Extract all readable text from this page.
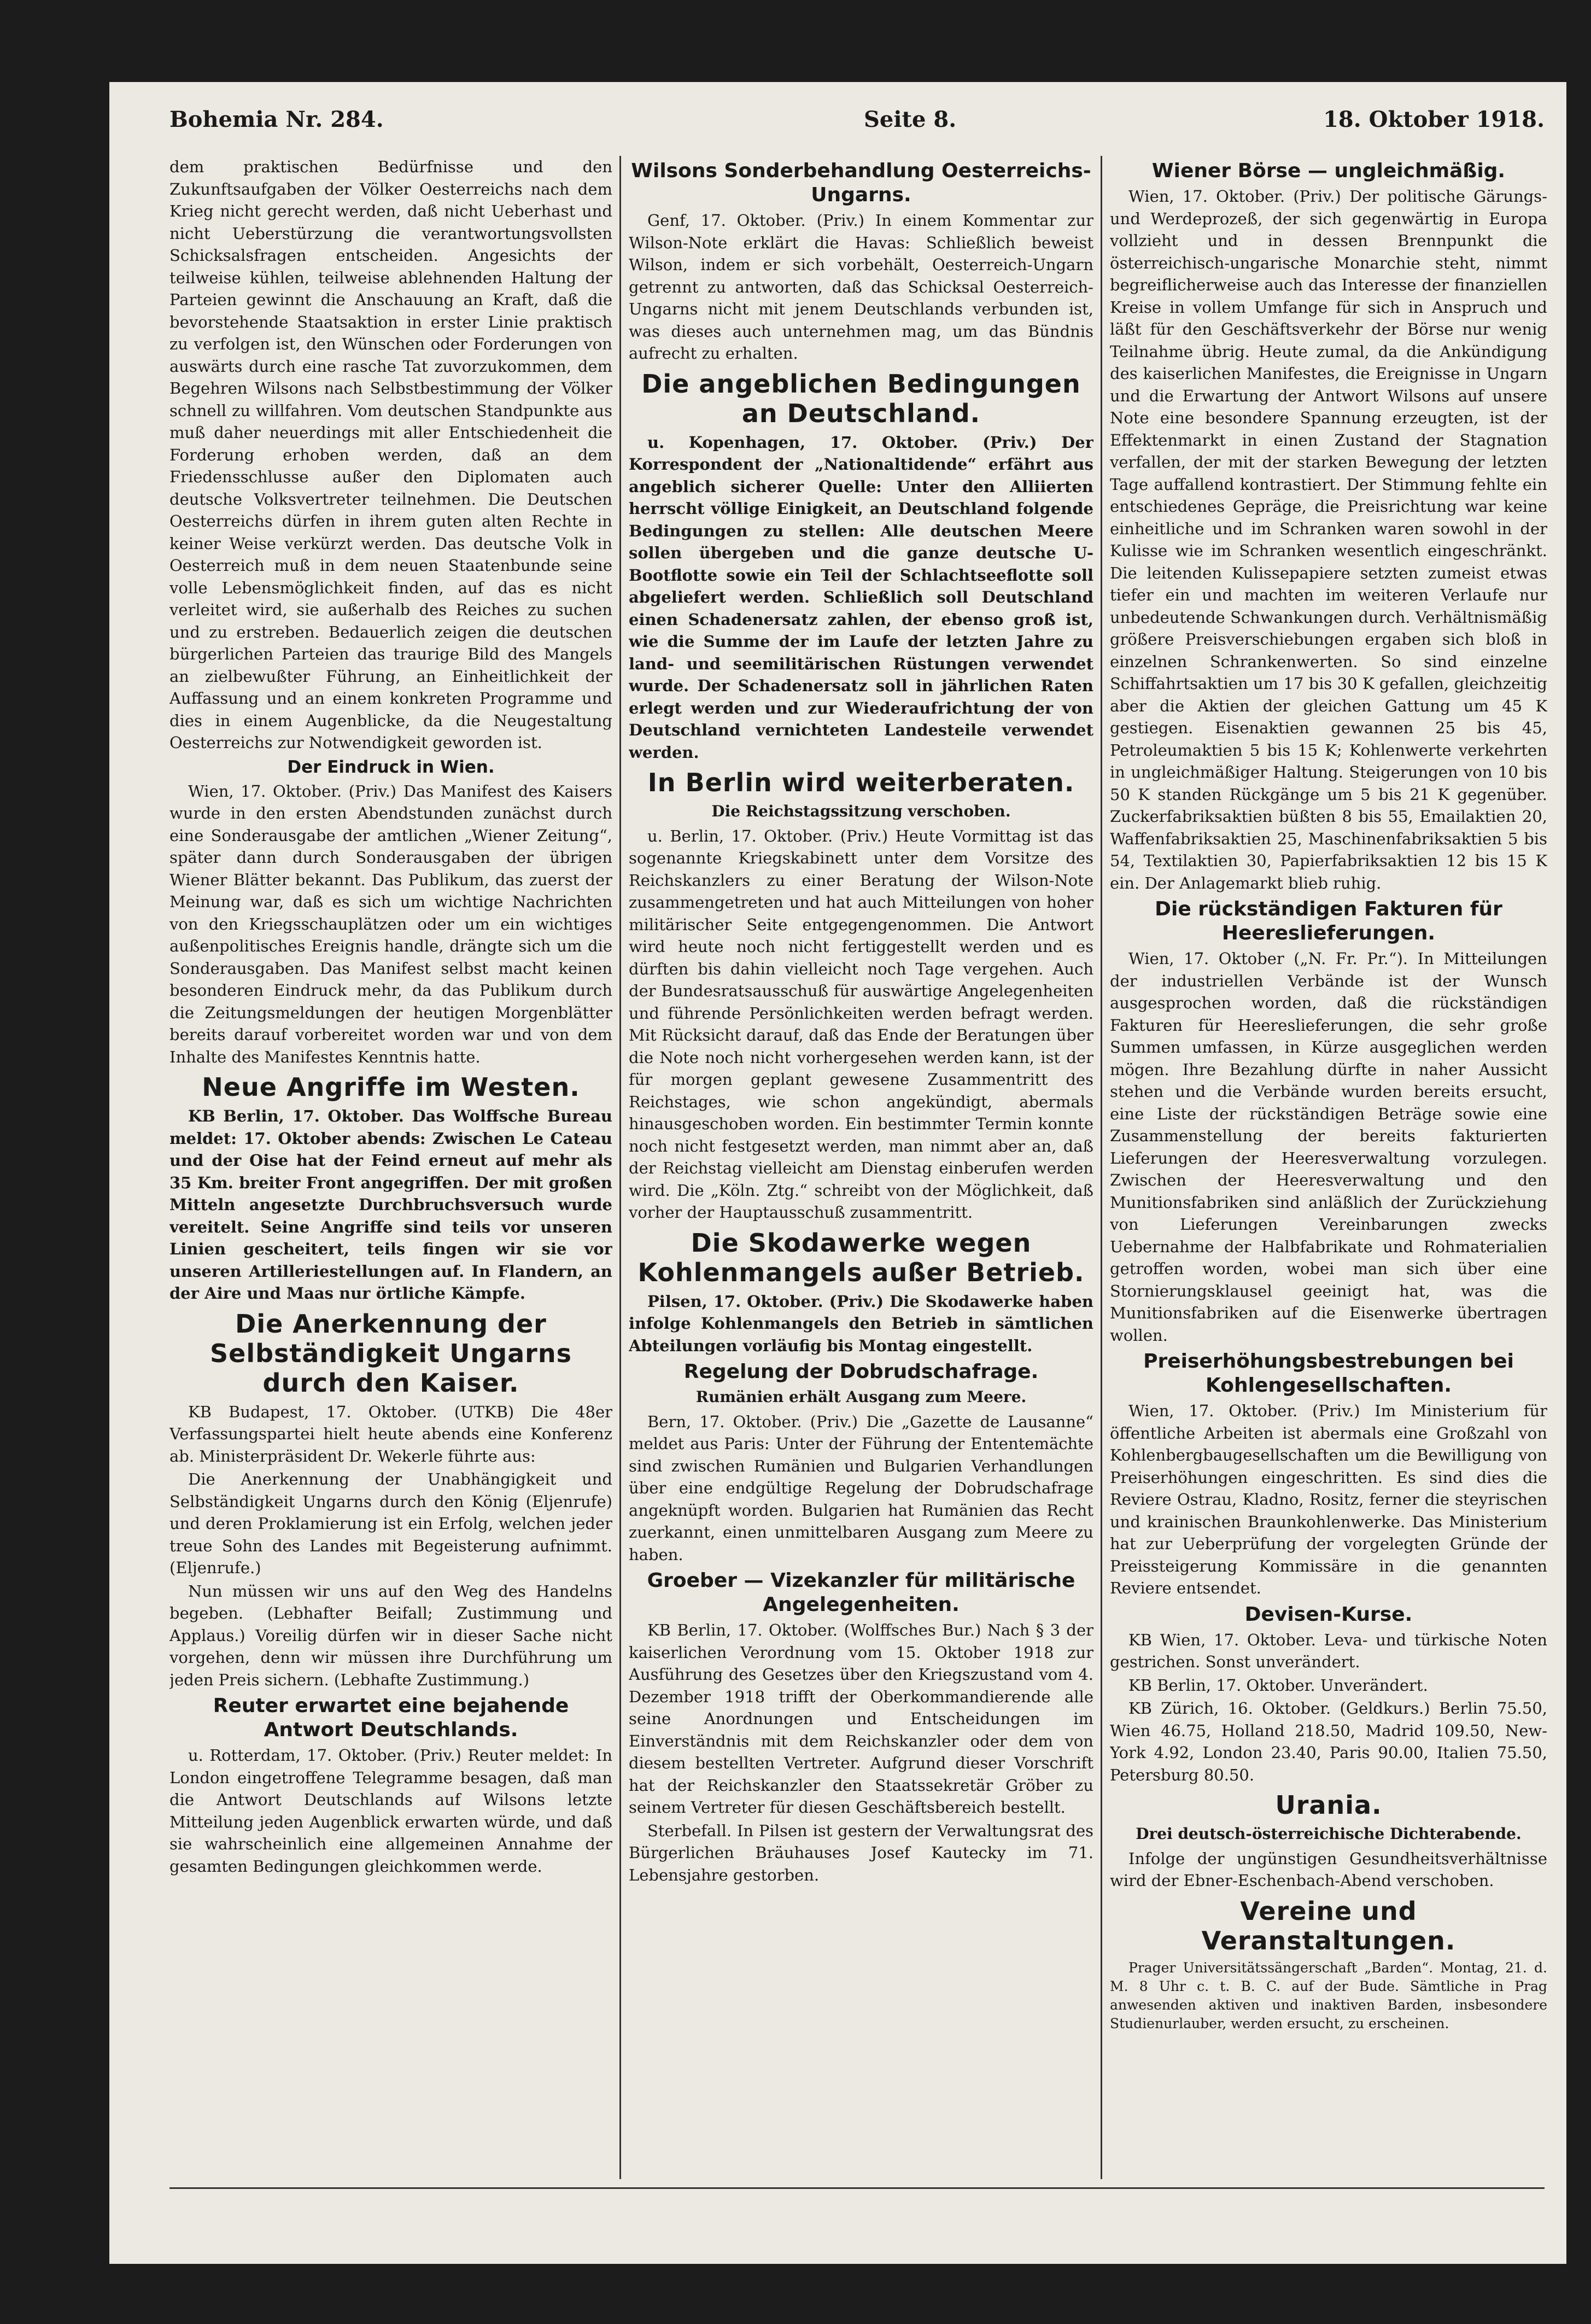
Bohemia Nr. 284.	Seite 8.	18. Oktober 1918.

dem praktischen Bedürfnisse und den Zukunftsaufgaben der Völker Oesterreichs nach dem Krieg nicht gerecht werden, daß nicht Ueberhast und nicht Ueberstürzung die verantwortungsvollsten Schicksalsfragen entscheiden. Angesichts der teilweise kühlen, teilweise ablehnenden Haltung der Parteien gewinnt die Anschauung an Kraft, daß die bevorstehende Staatsaktion in erster Linie praktisch zu verfolgen ist, den Wünschen oder Forderungen von auswärts durch eine rasche Tat zuvorzukommen, dem Begehren Wilsons nach Selbstbestimmung der Völker schnell zu willfahren. Vom deutschen Standpunkte aus muß daher neuerdings mit aller Entschiedenheit die Forderung erhoben werden, daß an dem Friedensschlusse außer den Diplomaten auch deutsche Volksvertreter teilnehmen. Die Deutschen Oesterreichs dürfen in ihrem guten alten Rechte in keiner Weise verkürzt werden. Das deutsche Volk in Oesterreich muß in dem neuen Staatenbunde seine volle Lebensmöglichkeit finden, auf das es nicht verleitet wird, sie außerhalb des Reiches zu suchen und zu erstreben. Bedauerlich zeigen die deutschen bürgerlichen Parteien das traurige Bild des Mangels an zielbewußter Führung, an Einheitlichkeit der Auffassung und an einem konkreten Programme und dies in einem Augenblicke, da die Neugestaltung Oesterreichs zur Notwendigkeit geworden ist.

Der Eindruck in Wien.

Wien, 17. Oktober. (Priv.) Das Manifest des Kaisers wurde in den ersten Abendstunden zunächst durch eine Sonderausgabe der amtlichen „Wiener Zeitung“, später dann durch Sonderausgaben der übrigen Wiener Blätter bekannt. Das Publikum, das zuerst der Meinung war, daß es sich um wichtige Nachrichten von den Kriegsschauplätzen oder um ein wichtiges außenpolitisches Ereignis handle, drängte sich um die Sonderausgaben. Das Manifest selbst macht keinen besonderen Eindruck mehr, da das Publikum durch die Zeitungsmeldungen der heutigen Morgenblätter bereits darauf vorbereitet worden war und von dem Inhalte des Manifestes Kenntnis hatte.

Neue Angriffe im Westen.

KB Berlin, 17. Oktober. Das Wolffsche Bureau meldet: 17. Oktober abends: Zwischen Le Cateau und der Oise hat der Feind erneut auf mehr als 35 Km. breiter Front angegriffen. Der mit großen Mitteln angesetzte Durchbruchsversuch wurde vereitelt. Seine Angriffe sind teils vor unseren Linien gescheitert, teils fingen wir sie vor unseren Artilleriestellungen auf. In Flandern, an der Aire und Maas nur örtliche Kämpfe.

Die Anerkennung der Selbständigkeit Ungarns durch den Kaiser.

KB Budapest, 17. Oktober. (UTKB) Die 48er Verfassungspartei hielt heute abends eine Konferenz ab. Ministerpräsident Dr. Wekerle führte aus:

Die Anerkennung der Unabhängigkeit und Selbständigkeit Ungarns durch den König (Eljenrufe) und deren Proklamierung ist ein Erfolg, welchen jeder treue Sohn des Landes mit Begeisterung aufnimmt. (Eljenrufe.)

Nun müssen wir uns auf den Weg des Handelns begeben. (Lebhafter Beifall; Zustimmung und Applaus.) Voreilig dürfen wir in dieser Sache nicht vorgehen, denn wir müssen ihre Durchführung um jeden Preis sichern. (Lebhafte Zustimmung.)

Reuter erwartet eine bejahende Antwort Deutschlands.

u. Rotterdam, 17. Oktober. (Priv.) Reuter meldet: In London eingetroffene Telegramme besagen, daß man die Antwort Deutschlands auf Wilsons letzte Mitteilung jeden Augenblick erwarten würde, und daß sie wahrscheinlich eine allgemeinen Annahme der gesamten Bedingungen gleichkommen werde.

Wilsons Sonderbehandlung Oesterreichs-Ungarns.

Genf, 17. Oktober. (Priv.) In einem Kommentar zur Wilson-Note erklärt die Havas: Schließlich beweist Wilson, indem er sich vorbehält, Oesterreich-Ungarn getrennt zu antworten, daß das Schicksal Oesterreich-Ungarns nicht mit jenem Deutschlands verbunden ist, was dieses auch unternehmen mag, um das Bündnis aufrecht zu erhalten.

Die angeblichen Bedingungen an Deutschland.

u. Kopenhagen, 17. Oktober. (Priv.) Der Korrespondent der „Nationaltidende“ erfährt aus angeblich sicherer Quelle: Unter den Alliierten herrscht völlige Einigkeit, an Deutschland folgende Bedingungen zu stellen: Alle deutschen Meere sollen übergeben und die ganze deutsche U-Bootflotte sowie ein Teil der Schlachtseeflotte soll abgeliefert werden. Schließlich soll Deutschland einen Schadenersatz zahlen, der ebenso groß ist, wie die Summe der im Laufe der letzten Jahre zu land- und seemilitärischen Rüstungen verwendet wurde. Der Schadenersatz soll in jährlichen Raten erlegt werden und zur Wiederaufrichtung der von Deutschland vernichteten Landesteile verwendet werden.

In Berlin wird weiterberaten.
Die Reichstagssitzung verschoben.

u. Berlin, 17. Oktober. (Priv.) Heute Vormittag ist das sogenannte Kriegskabinett unter dem Vorsitze des Reichskanzlers zu einer Beratung der Wilson-Note zusammengetreten und hat auch Mitteilungen von hoher militärischer Seite entgegengenommen. Die Antwort wird heute noch nicht fertiggestellt werden und es dürften bis dahin vielleicht noch Tage vergehen. Auch der Bundesratsausschuß für auswärtige Angelegenheiten und führende Persönlichkeiten werden befragt werden. Mit Rücksicht darauf, daß das Ende der Beratungen über die Note noch nicht vorhergesehen werden kann, ist der für morgen geplant gewesene Zusammentritt des Reichstages, wie schon angekündigt, abermals hinausgeschoben worden. Ein bestimmter Termin konnte noch nicht festgesetzt werden, man nimmt aber an, daß der Reichstag vielleicht am Dienstag einberufen werden wird. Die „Köln. Ztg.“ schreibt von der Möglichkeit, daß vorher der Hauptausschuß zusammentritt.

Die Skodawerke wegen Kohlenmangels außer Betrieb.

Pilsen, 17. Oktober. (Priv.) Die Skodawerke haben infolge Kohlenmangels den Betrieb in sämtlichen Abteilungen vorläufig bis Montag eingestellt.

Regelung der Dobrudschafrage.
Rumänien erhält Ausgang zum Meere.

Bern, 17. Oktober. (Priv.) Die „Gazette de Lausanne“ meldet aus Paris: Unter der Führung der Ententemächte sind zwischen Rumänien und Bulgarien Verhandlungen über eine endgültige Regelung der Dobrudschafrage angeknüpft worden. Bulgarien hat Rumänien das Recht zuerkannt, einen unmittelbaren Ausgang zum Meere zu haben.

Groeber — Vizekanzler für militärische Angelegenheiten.

KB Berlin, 17. Oktober. (Wolffsches Bur.) Nach § 3 der kaiserlichen Verordnung vom 15. Oktober 1918 zur Ausführung des Gesetzes über den Kriegszustand vom 4. Dezember 1918 trifft der Oberkommandierende alle seine Anordnungen und Entscheidungen im Einverständnis mit dem Reichskanzler oder dem von diesem bestellten Vertreter. Aufgrund dieser Vorschrift hat der Reichskanzler den Staatssekretär Gröber zu seinem Vertreter für diesen Geschäftsbereich bestellt.

Sterbefall. In Pilsen ist gestern der Verwaltungsrat des Bürgerlichen Bräuhauses Josef Kautecky im 71. Lebensjahre gestorben.

Wiener Börse — ungleichmäßig.

Wien, 17. Oktober. (Priv.) Der politische Gärungs- und Werdeprozeß, der sich gegenwärtig in Europa vollzieht und in dessen Brennpunkt die österreichisch-ungarische Monarchie steht, nimmt begreiflicherweise auch das Interesse der finanziellen Kreise in vollem Umfange für sich in Anspruch und läßt für den Geschäftsverkehr der Börse nur wenig Teilnahme übrig. Heute zumal, da die Ankündigung des kaiserlichen Manifestes, die Ereignisse in Ungarn und die Erwartung der Antwort Wilsons auf unsere Note eine besondere Spannung erzeugten, ist der Effektenmarkt in einen Zustand der Stagnation verfallen, der mit der starken Bewegung der letzten Tage auffallend kontrastiert. Der Stimmung fehlte ein entschiedenes Gepräge, die Preisrichtung war keine einheitliche und im Schranken waren sowohl in der Kulisse wie im Schranken wesentlich eingeschränkt. Die leitenden Kulissepapiere setzten zumeist etwas tiefer ein und machten im weiteren Verlaufe nur unbedeutende Schwankungen durch. Verhältnismäßig größere Preisverschiebungen ergaben sich bloß in einzelnen Schrankenwerten. So sind einzelne Schiffahrtsaktien um 17 bis 30 K gefallen, gleichzeitig aber die Aktien der gleichen Gattung um 45 K gestiegen. Eisenaktien gewannen 25 bis 45, Petroleumaktien 5 bis 15 K; Kohlenwerte verkehrten in ungleichmäßiger Haltung. Steigerungen von 10 bis 50 K standen Rückgänge um 5 bis 21 K gegenüber. Zuckerfabriksaktien büßten 8 bis 55, Emailaktien 20, Waffenfabriksaktien 25, Maschinenfabriksaktien 5 bis 54, Textilaktien 30, Papierfabriksaktien 12 bis 15 K ein. Der Anlagemarkt blieb ruhig.

Die rückständigen Fakturen für Heereslieferungen.

Wien, 17. Oktober („N. Fr. Pr.“). In Mitteilungen der industriellen Verbände ist der Wunsch ausgesprochen worden, daß die rückständigen Fakturen für Heereslieferungen, die sehr große Summen umfassen, in Kürze ausgeglichen werden mögen. Ihre Bezahlung dürfte in naher Aussicht stehen und die Verbände wurden bereits ersucht, eine Liste der rückständigen Beträge sowie eine Zusammenstellung der bereits fakturierten Lieferungen der Heeresverwaltung vorzulegen. Zwischen der Heeresverwaltung und den Munitionsfabriken sind anläßlich der Zurückziehung von Lieferungen Vereinbarungen zwecks Uebernahme der Halbfabrikate und Rohmaterialien getroffen worden, wobei man sich über eine Stornierungsklausel geeinigt hat, was die Munitionsfabriken auf die Eisenwerke übertragen wollen.

Preiserhöhungsbestrebungen bei Kohlengesellschaften.

Wien, 17. Oktober. (Priv.) Im Ministerium für öffentliche Arbeiten ist abermals eine Großzahl von Kohlenbergbaugesellschaften um die Bewilligung von Preiserhöhungen eingeschritten. Es sind dies die Reviere Ostrau, Kladno, Rositz, ferner die steyrischen und krainischen Braunkohlenwerke. Das Ministerium hat zur Ueberprüfung der vorgelegten Gründe der Preissteigerung Kommissäre in die genannten Reviere entsendet.

Devisen-Kurse.

KB Wien, 17. Oktober. Leva- und türkische Noten gestrichen. Sonst unverändert.

KB Berlin, 17. Oktober. Unverändert.

KB Zürich, 16. Oktober. (Geldkurs.) Berlin 75.50, Wien 46.75, Holland 218.50, Madrid 109.50, New-York 4.92, London 23.40, Paris 90.00, Italien 75.50, Petersburg 80.50.

Urania.
Drei deutsch-österreichische Dichterabende.

Infolge der ungünstigen Gesundheitsverhältnisse wird der Ebner-Eschenbach-Abend verschoben.

Vereine und Veranstaltungen.

Prager Universitätssängerschaft „Barden“. Montag, 21. d. M. 8 Uhr c. t. B. C. auf der Bude. Sämtliche in Prag anwesenden aktiven und inaktiven Barden, insbesondere Studienurlauber, werden ersucht, zu erscheinen.
